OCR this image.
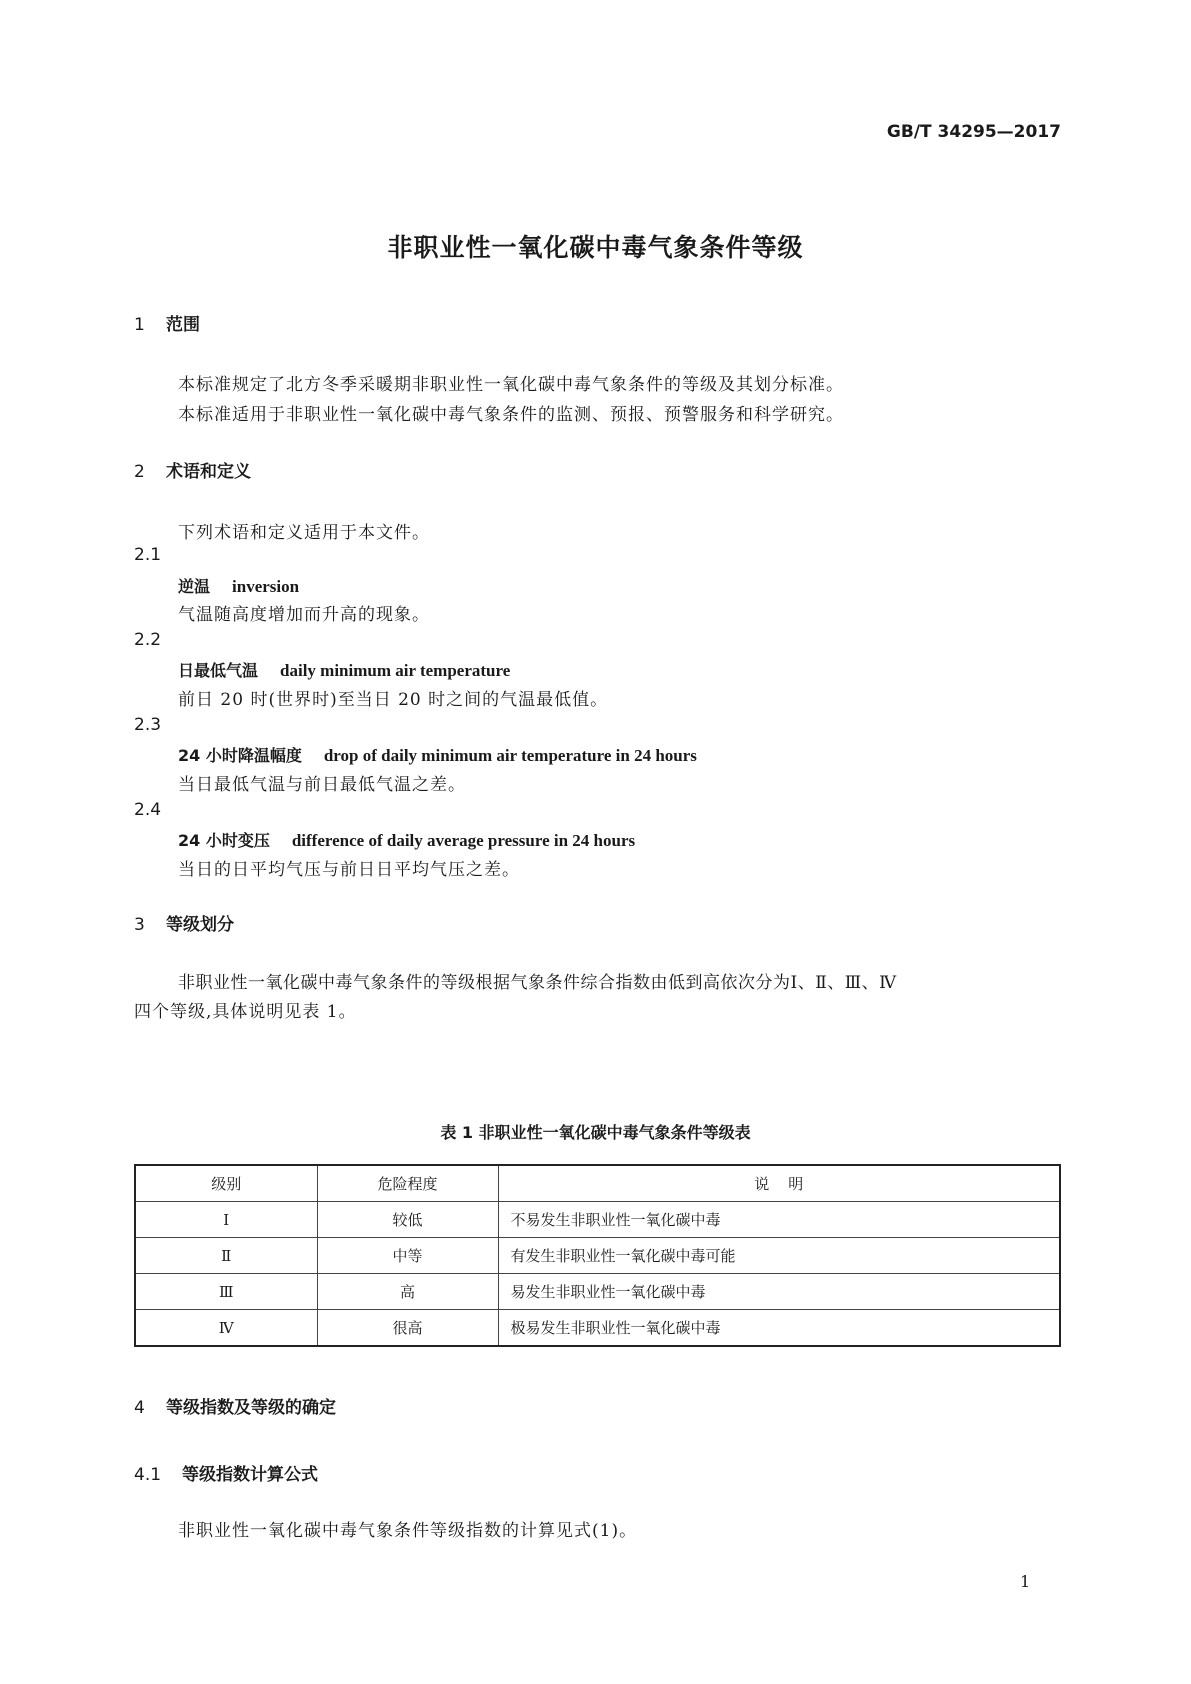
GB/T 34295—2017
非职业性一氧化碳中毒气象条件等级
1 范围
本标准规定了北方冬季采暖期非职业性一氧化碳中毒气象条件的等级及其划分标准。
本标准适用于非职业性一氧化碳中毒气象条件的监测、预报、预警服务和科学研究。
2 术语和定义
下列术语和定义适用于本文件。
2.1
逆温 inversion
气温随高度增加而升高的现象。
2.2
日最低气温 daily minimum air temperature
前日 20 时(世界时)至当日 20 时之间的气温最低值。
2.3
24 小时降温幅度 drop of daily minimum air temperature in 24 hours
当日最低气温与前日最低气温之差。
2.4
24 小时变压 difference of daily average pressure in 24 hours
当日的日平均气压与前日日平均气压之差。
3 等级划分
非职业性一氧化碳中毒气象条件的等级根据气象条件综合指数由低到高依次分为Ⅰ、Ⅱ、Ⅲ、Ⅳ
四个等级,具体说明见表 1。
表 1 非职业性一氧化碳中毒气象条件等级表
级别	危险程度	说    明
Ⅰ	较低	不易发生非职业性一氧化碳中毒
Ⅱ	中等	有发生非职业性一氧化碳中毒可能
Ⅲ	高	易发生非职业性一氧化碳中毒
Ⅳ	很高	极易发生非职业性一氧化碳中毒
4 等级指数及等级的确定
4.1 等级指数计算公式
非职业性一氧化碳中毒气象条件等级指数的计算见式(1)。
1
